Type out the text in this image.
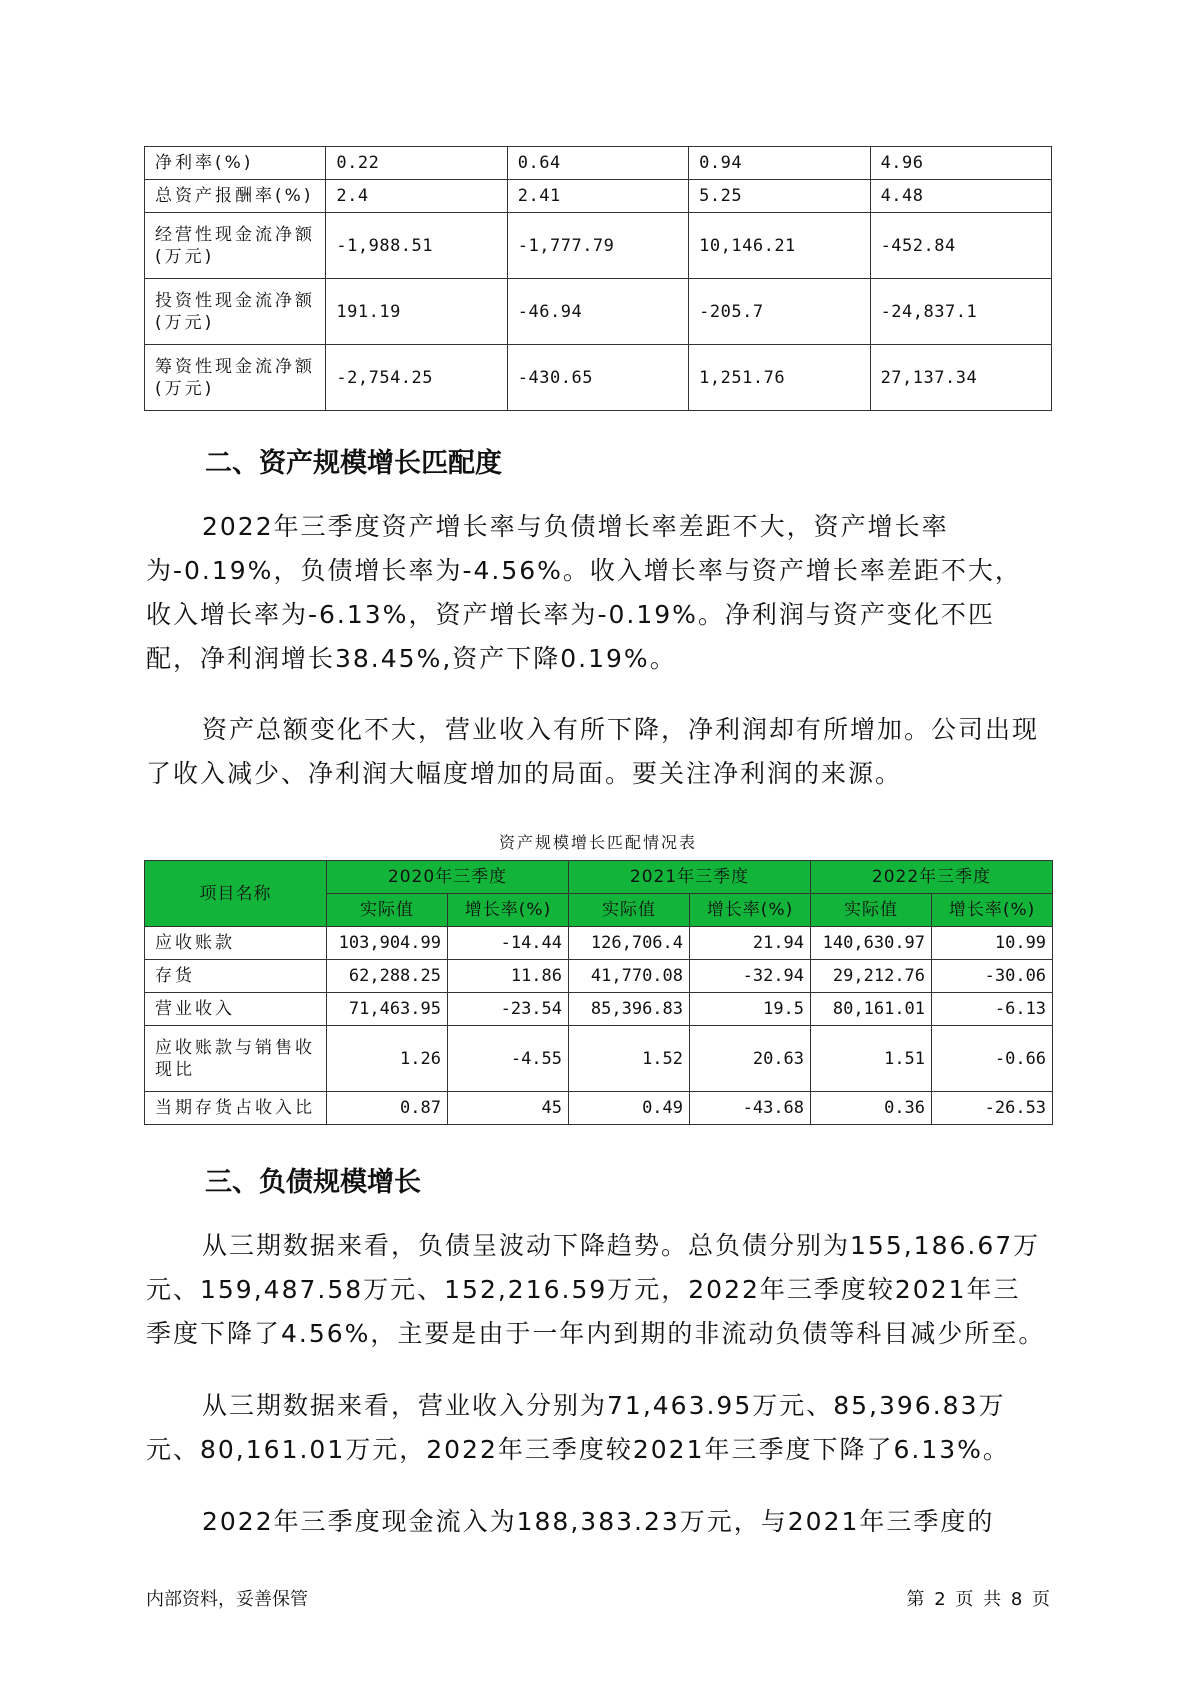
净利率(%)	0.22	0.64	0.94	4.96
总资产报酬率(%)	2.4	2.41	5.25	4.48
经营性现金流净额(万元)	-1,988.51	-1,777.79	10,146.21	-452.84
投资性现金流净额(万元)	191.19	-46.94	-205.7	-24,837.1
筹资性现金流净额(万元)	-2,754.25	-430.65	1,251.76	27,137.34
二、资产规模增长匹配度

2022年三季度资产增长率与负债增长率差距不大，资产增长率为-0.19%，负债增长率为-4.56%。收入增长率与资产增长率差距不大，收入增长率为-6.13%，资产增长率为-0.19%。净利润与资产变化不匹配，净利润增长38.45%,资产下降0.19%。

资产总额变化不大，营业收入有所下降，净利润却有所增加。公司出现了收入减少、净利润大幅度增加的局面。要关注净利润的来源。

资产规模增长匹配情况表
项目名称	2020年三季度		2021年三季度		2022年三季度	
	实际值	增长率(%)	实际值	增长率(%)	实际值	增长率(%)
应收账款	103,904.99	-14.44	126,706.4	21.94	140,630.97	10.99
存货	62,288.25	11.86	41,770.08	-32.94	29,212.76	-30.06
营业收入	71,463.95	-23.54	85,396.83	19.5	80,161.01	-6.13
应收账款与销售收现比	1.26	-4.55	1.52	20.63	1.51	-0.66
当期存货占收入比	0.87	45	0.49	-43.68	0.36	-26.53
三、负债规模增长

从三期数据来看，负债呈波动下降趋势。总负债分别为155,186.67万元、159,487.58万元、152,216.59万元，2022年三季度较2021年三季度下降了4.56%，主要是由于一年内到期的非流动负债等科目减少所至。

从三期数据来看，营业收入分别为71,463.95万元、85,396.83万元、80,161.01万元，2022年三季度较2021年三季度下降了6.13%。

2022年三季度现金流入为188,383.23万元，与2021年三季度的

内部资料，妥善保管	第 2 页 共 8 页
